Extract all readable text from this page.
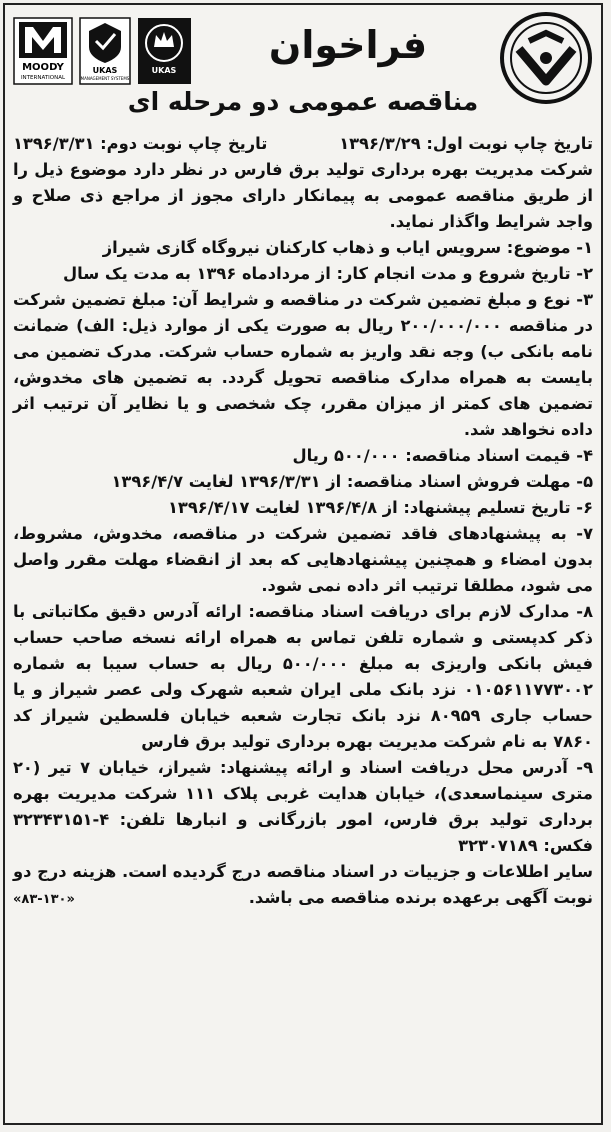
MOODY
INTERNATIONAL
UKAS
MANAGEMENT SYSTEMS
UKAS
فراخوان
مناقصه عمومی دو مرحله ای
تاریخ چاپ نوبت اول: ۱۳۹۶/۳/۲۹
تاریخ چاپ نوبت دوم: ۱۳۹۶/۳/۳۱

شرکت مدیریت بهره برداری تولید برق فارس در نظر دارد موضوع ذیل را از طریق مناقصه عمومی به پیمانکار دارای مجوز از مراجع ذی صلاح و واجد شرایط واگذار نماید.

۱- موضوع: سرویس ایاب و ذهاب کارکنان نیروگاه گازی شیراز

۲- تاریخ شروع و مدت انجام کار: از مردادماه ۱۳۹۶ به مدت یک سال

۳- نوع و مبلغ تضمین شرکت در مناقصه و شرایط آن: مبلغ تضمین شرکت در مناقصه ۲۰۰/۰۰۰/۰۰۰ ریال به صورت یکی از موارد ذیل: الف) ضمانت نامه بانکی ب) وجه نقد واریز به شماره حساب شرکت. مدرک تضمین می بایست به همراه مدارک مناقصه تحویل گردد. به تضمین های مخدوش، تضمین های کمتر از میزان مقرر، چک شخصی و یا نظایر آن ترتیب اثر داده نخواهد شد.

۴- قیمت اسناد مناقصه: ۵۰۰/۰۰۰ ریال

۵- مهلت فروش اسناد مناقصه: از ۱۳۹۶/۳/۳۱ لغایت ۱۳۹۶/۴/۷

۶- تاریخ تسلیم پیشنهاد: از ۱۳۹۶/۴/۸ لغایت ۱۳۹۶/۴/۱۷

۷- به پیشنهادهای فاقد تضمین شرکت در مناقصه، مخدوش، مشروط، بدون امضاء و همچنین پیشنهادهایی که بعد از انقضاء مهلت مقرر واصل می شود، مطلقا ترتیب اثر داده نمی شود.

۸- مدارک لازم برای دریافت اسناد مناقصه: ارائه آدرس دقیق مکاتباتی با ذکر کدپستی و شماره تلفن تماس به همراه ارائه نسخه صاحب حساب فیش بانکی واریزی به مبلغ ۵۰۰/۰۰۰ ریال به حساب سیبا به شماره ۰۱۰۵۶۱۱۷۷۳۰۰۲ نزد بانک ملی ایران شعبه شهرک ولی عصر شیراز و یا حساب جاری ۸۰۹۵۹ نزد بانک تجارت شعبه خیابان فلسطین شیراز کد ۷۸۶۰ به نام شرکت مدیریت بهره برداری تولید برق فارس

۹- آدرس محل دریافت اسناد و ارائه پیشنهاد: شیراز، خیابان ۷ تیر (۲۰ متری سینماسعدی)، خیابان هدایت غربی پلاک ۱۱۱ شرکت مدیریت بهره برداری تولید برق فارس، امور بازرگانی و انبارها تلفن: ۴-۳۲۳۴۳۱۵۱ فکس: ۳۲۳۰۷۱۸۹

سایر اطلاعات و جزییات در اسناد مناقصه درج گردیده است. هزینه درج دو نوبت آگهی برعهده برنده مناقصه می باشد.
«۸۳-۱۳۰»
